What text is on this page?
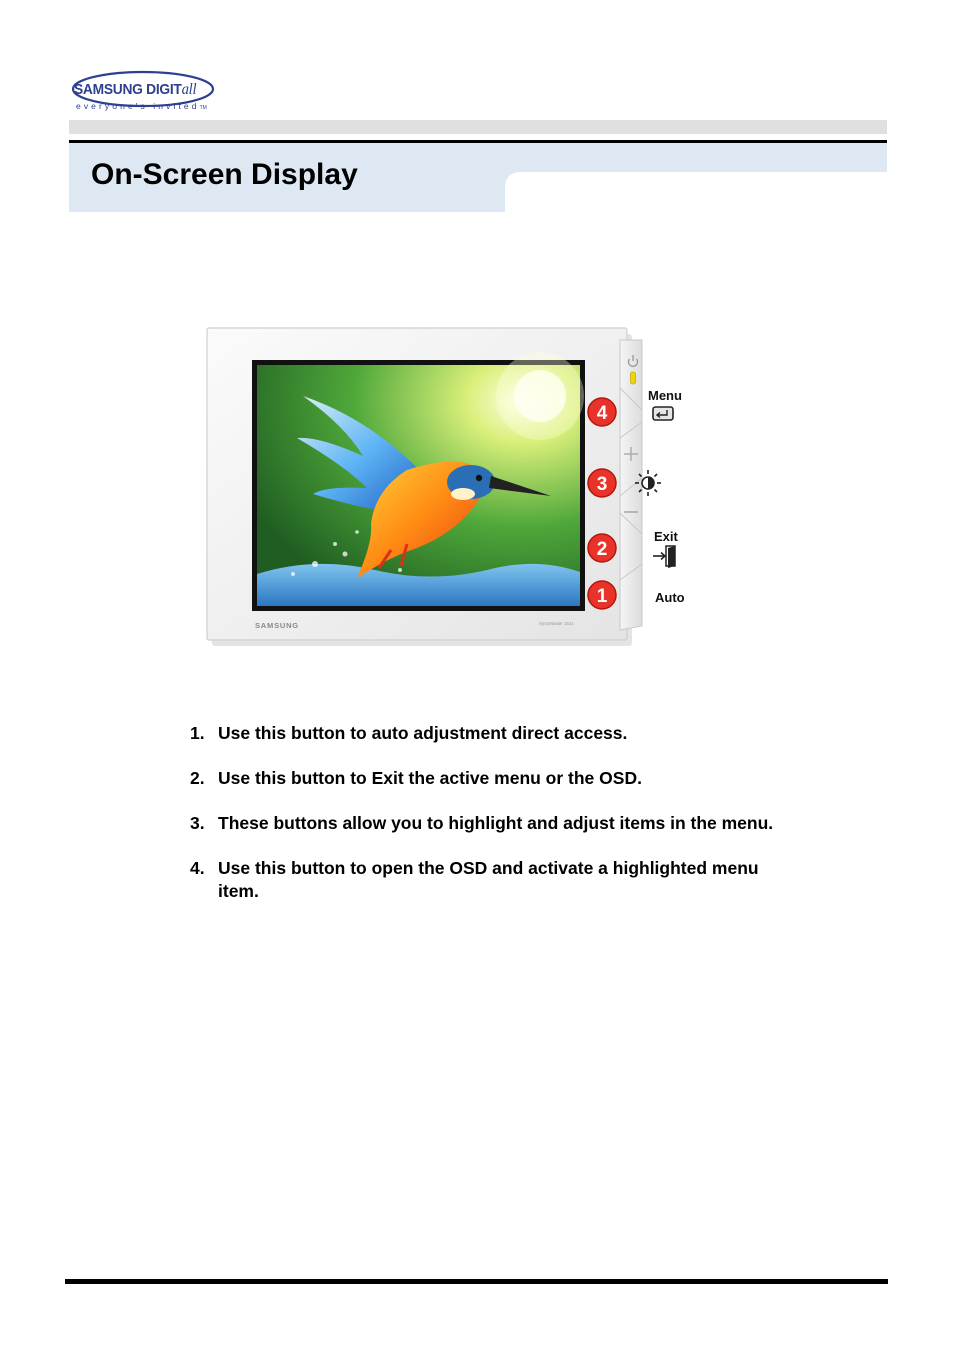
SAMSUNG DIGITall
everyone's invitedTM
On-Screen Display
SAMSUNG	SyncMaster 151s
4
3
2
1
Menu
Exit
Auto
1. Use this button to auto adjustment direct access.
2. Use this button to Exit the active menu or the OSD.
3. These buttons allow you to highlight and adjust items in the menu.
4. Use this button to open the OSD and activate a highlighted menu item.
